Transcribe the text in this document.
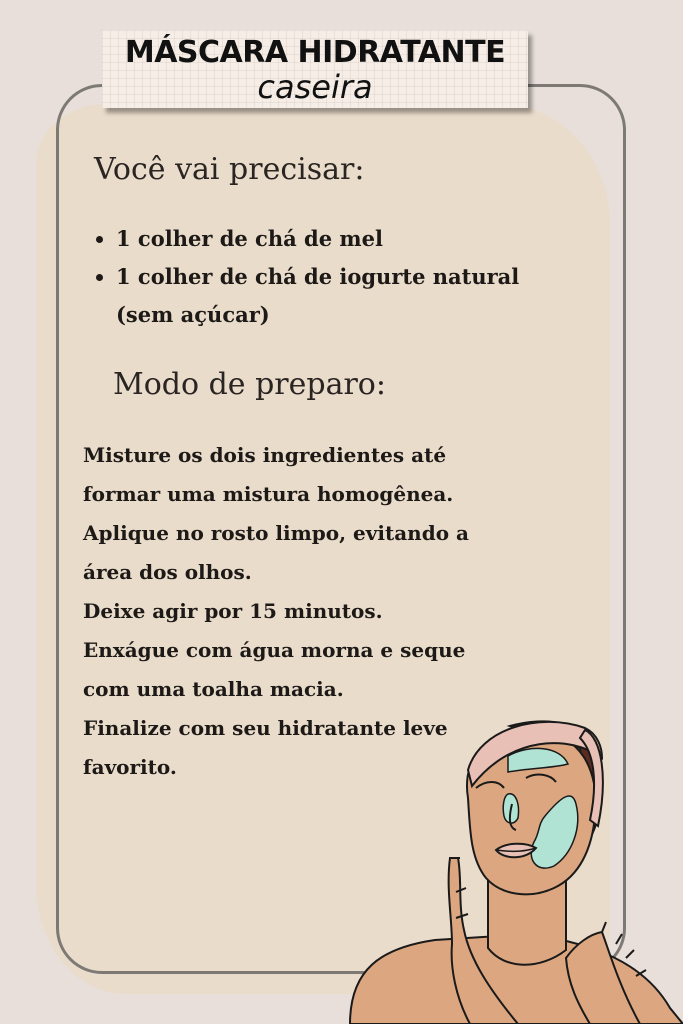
MÁSCARA HIDRATANTE
caseira
Você vai precisar:
• 1 colher de chá de mel
• 1 colher de chá de iogurte natural (sem açúcar)
Modo de preparo:

Misture os dois ingredientes até formar uma mistura homogênea.

Aplique no rosto limpo, evitando a área dos olhos.

Deixe agir por 15 minutos.

Enxágue com água morna e seque com uma toalha macia.

Finalize com seu hidratante leve favorito.
